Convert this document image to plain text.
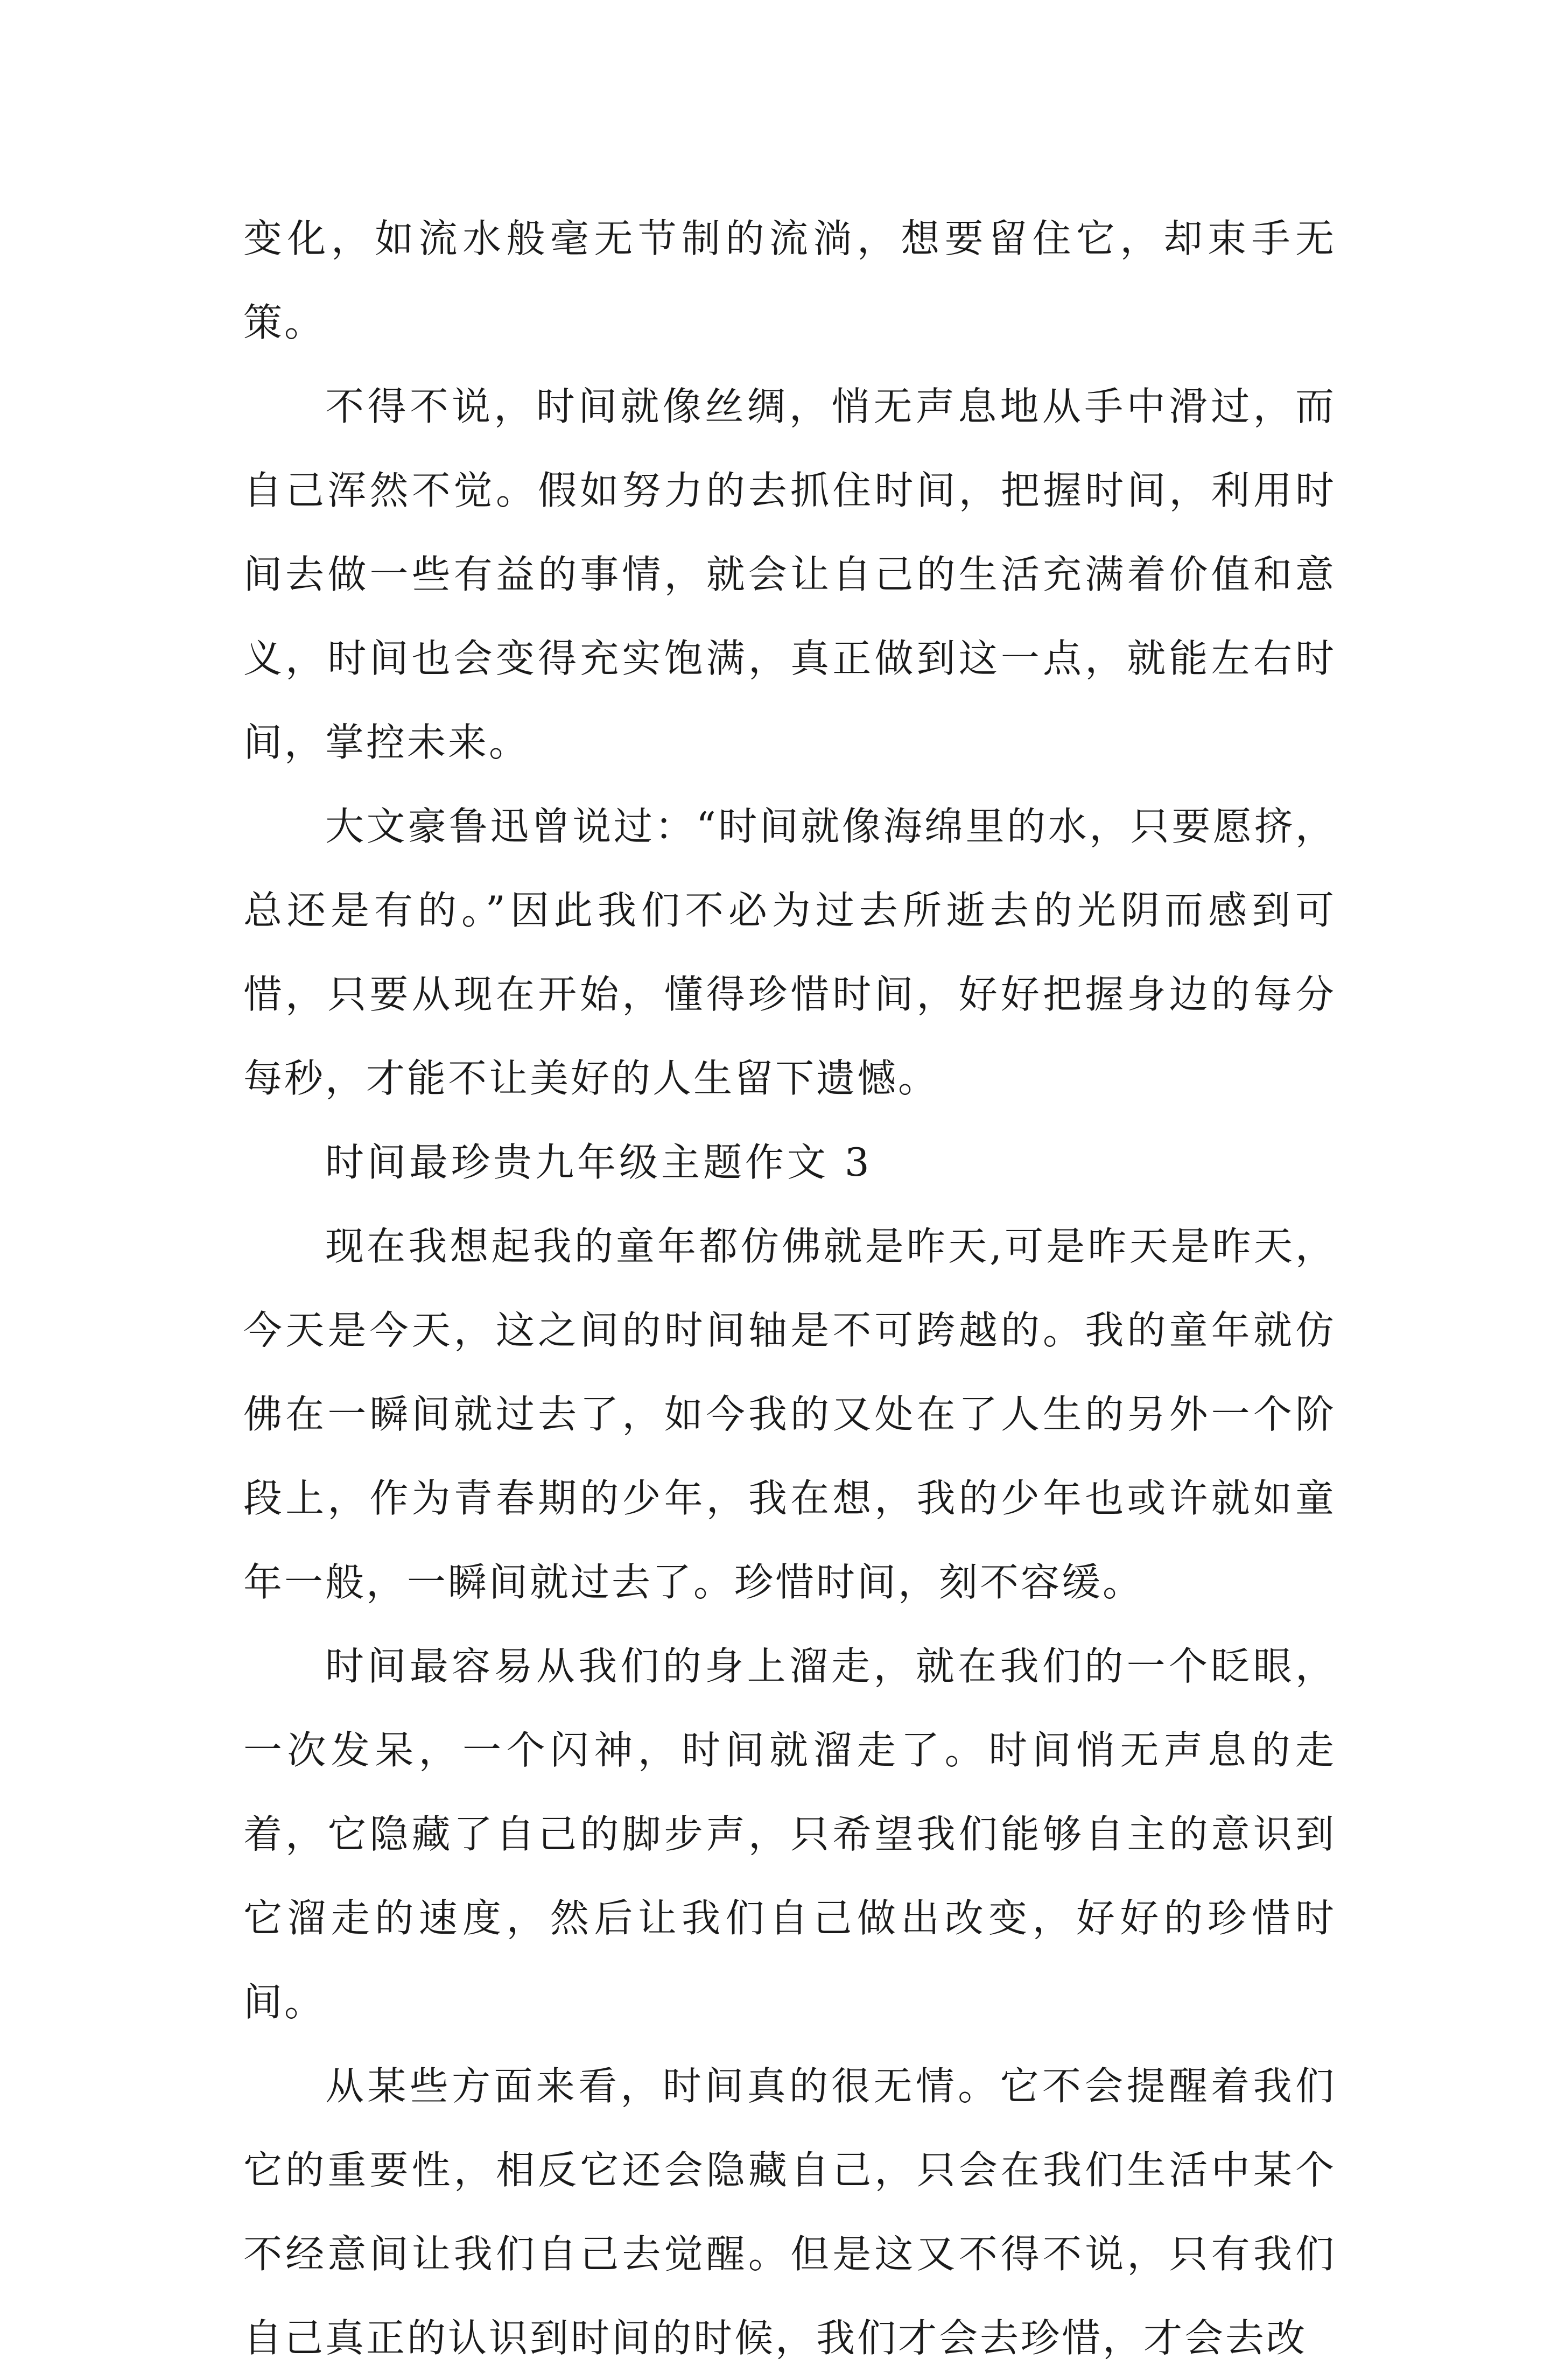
变化，如流水般毫无节制的流淌，想要留住它，却束手无策。

不得不说，时间就像丝绸，悄无声息地从手中滑过，而自己浑然不觉。假如努力的去抓住时间，把握时间，利用时间去做一些有益的事情，就会让自己的生活充满着价值和意义，时间也会变得充实饱满，真正做到这一点，就能左右时间，掌控未来。

大文豪鲁迅曾说过：“时间就像海绵里的水，只要愿挤，总还是有的。”因此我们不必为过去所逝去的光阴而感到可惜，只要从现在开始，懂得珍惜时间，好好把握身边的每分每秒，才能不让美好的人生留下遗憾。

时间最珍贵九年级主题作文 3

现在我想起我的童年都仿佛就是昨天,可是昨天是昨天，今天是今天，这之间的时间轴是不可跨越的。我的童年就仿佛在一瞬间就过去了，如今我的又处在了人生的另外一个阶段上，作为青春期的少年，我在想，我的少年也或许就如童年一般，一瞬间就过去了。珍惜时间，刻不容缓。

时间最容易从我们的身上溜走，就在我们的一个眨眼，一次发呆，一个闪神，时间就溜走了。时间悄无声息的走着，它隐藏了自己的脚步声，只希望我们能够自主的意识到它溜走的速度，然后让我们自己做出改变，好好的珍惜时间。

从某些方面来看，时间真的很无情。它不会提醒着我们它的重要性，相反它还会隐藏自己，只会在我们生活中某个不经意间让我们自己去觉醒。但是这又不得不说，只有我们自己真正的认识到时间的时候，我们才会去珍惜，才会去改
